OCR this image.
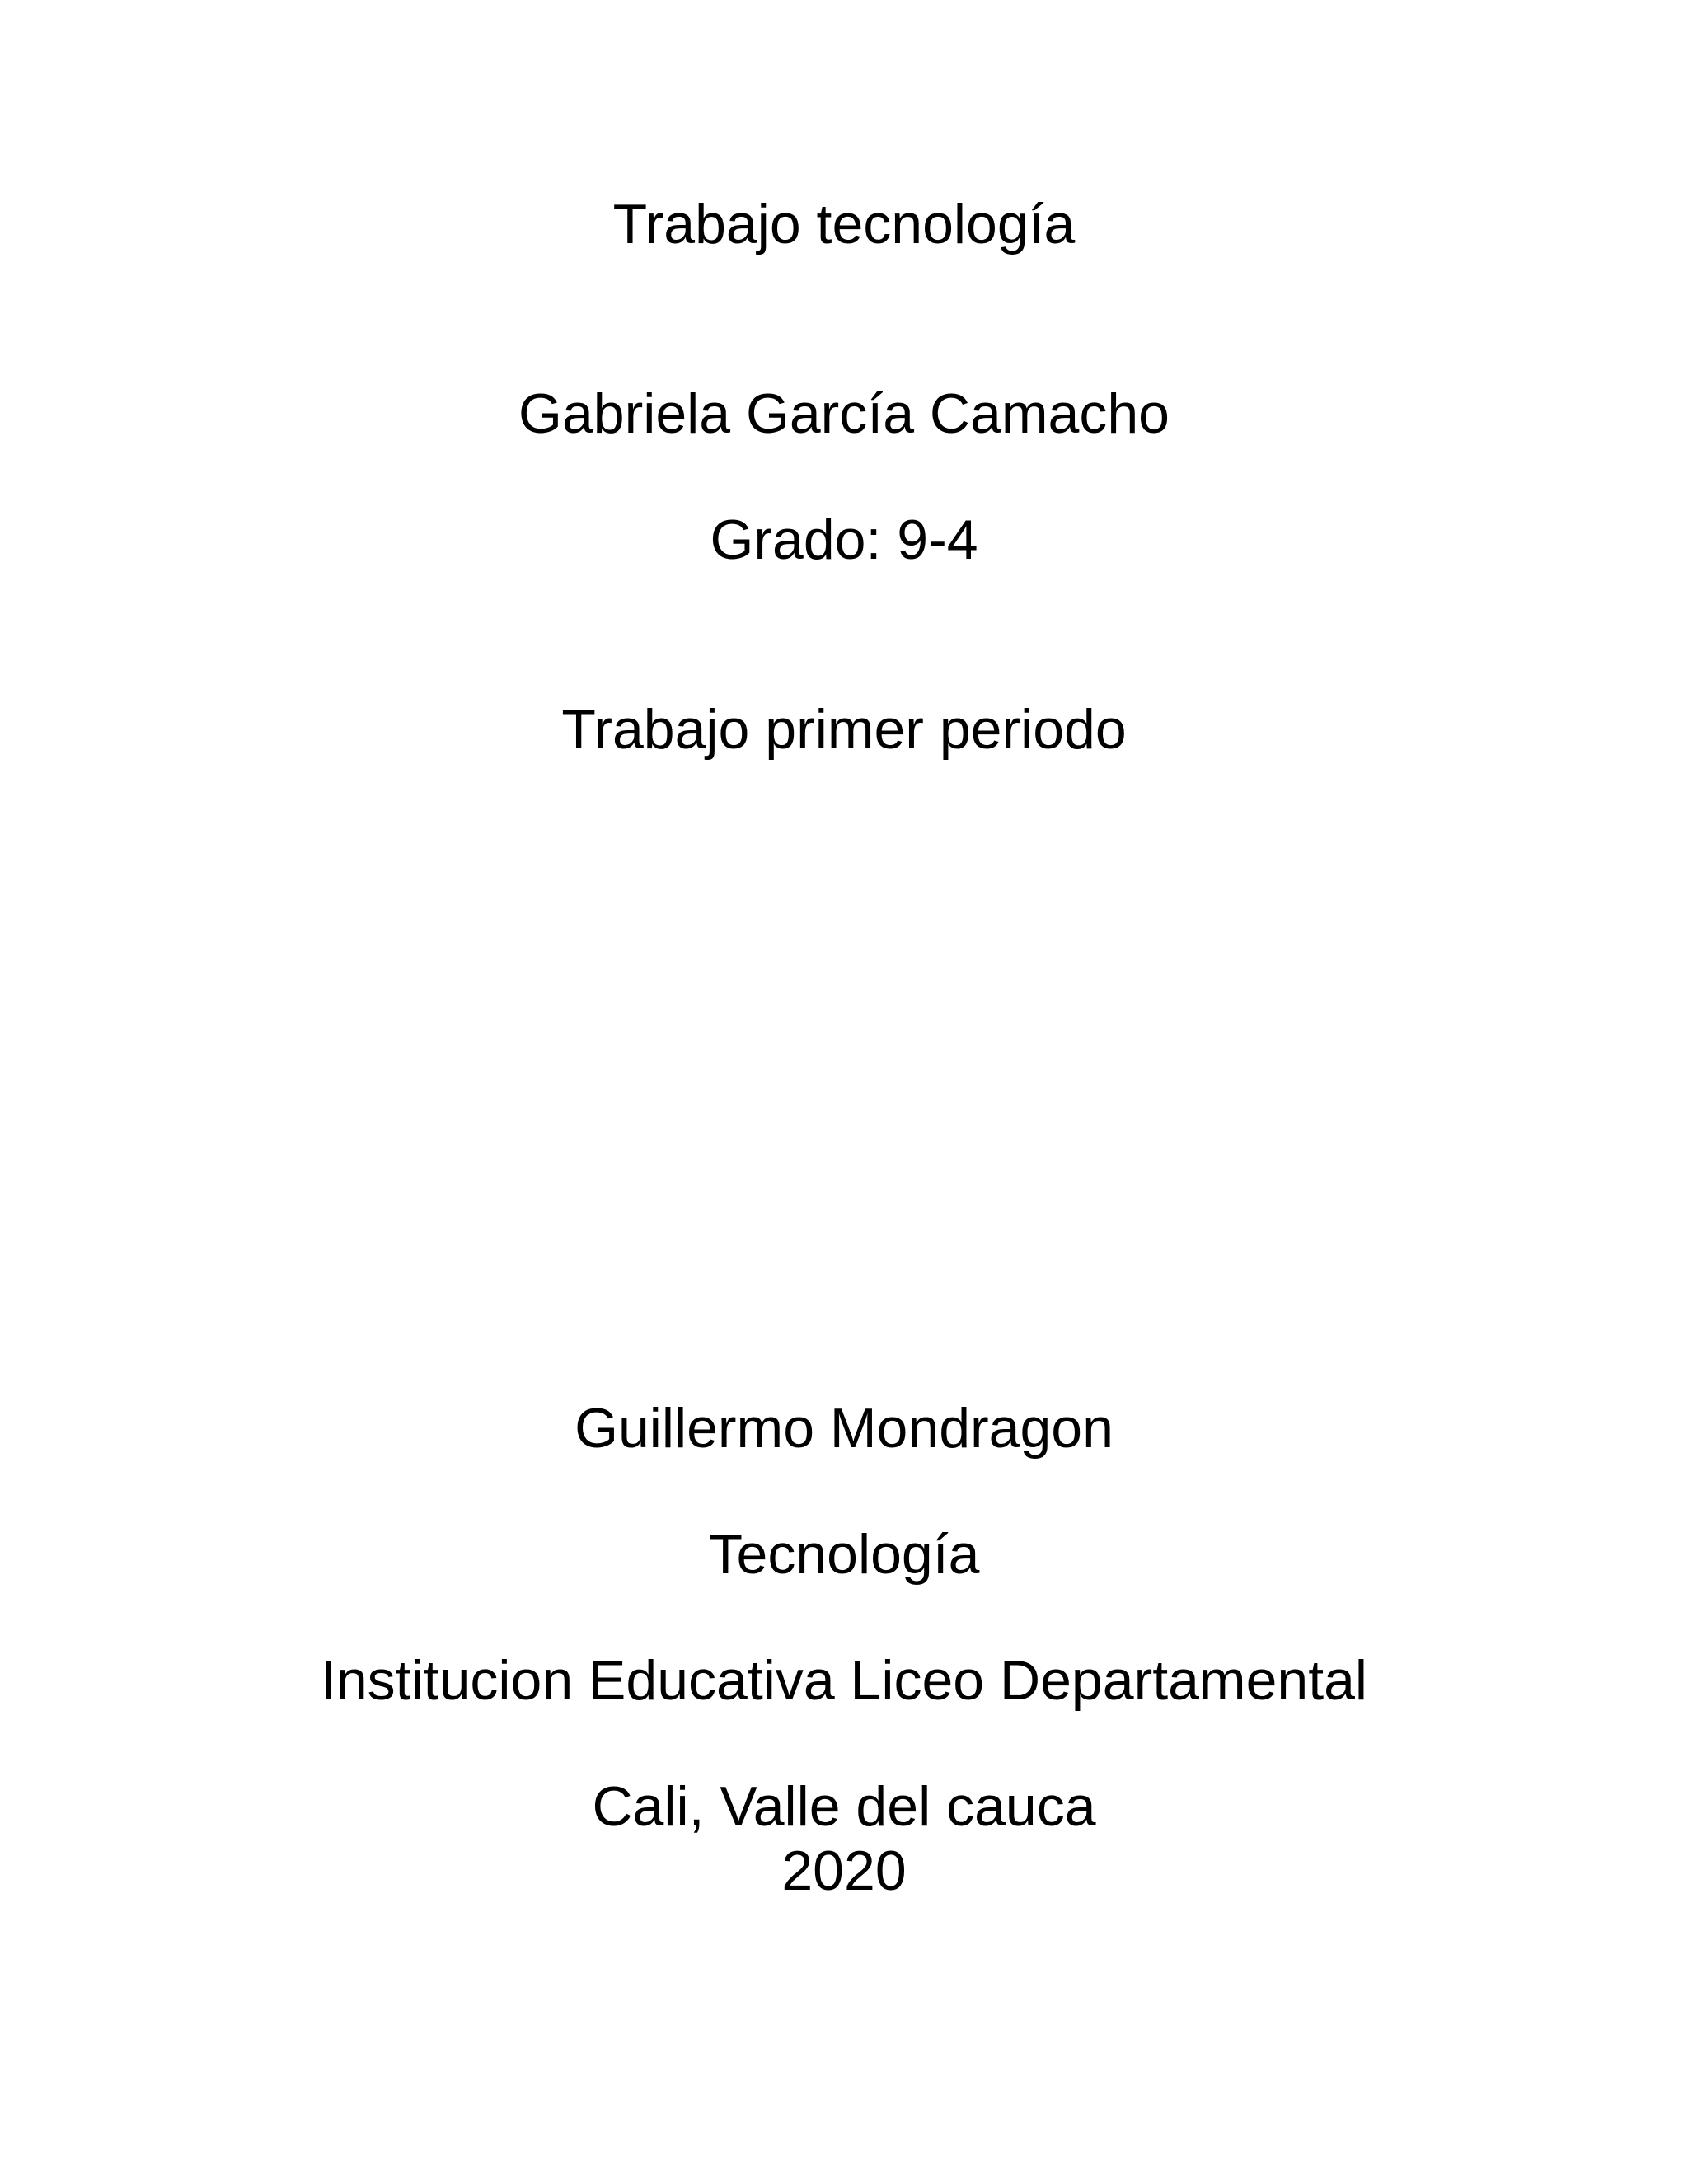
Trabajo tecnología

Gabriela García Camacho

Grado: 9-4

Trabajo primer periodo

Guillermo Mondragon

Tecnología

Institucion Educativa Liceo Departamental

Cali, Valle del cauca

2020
